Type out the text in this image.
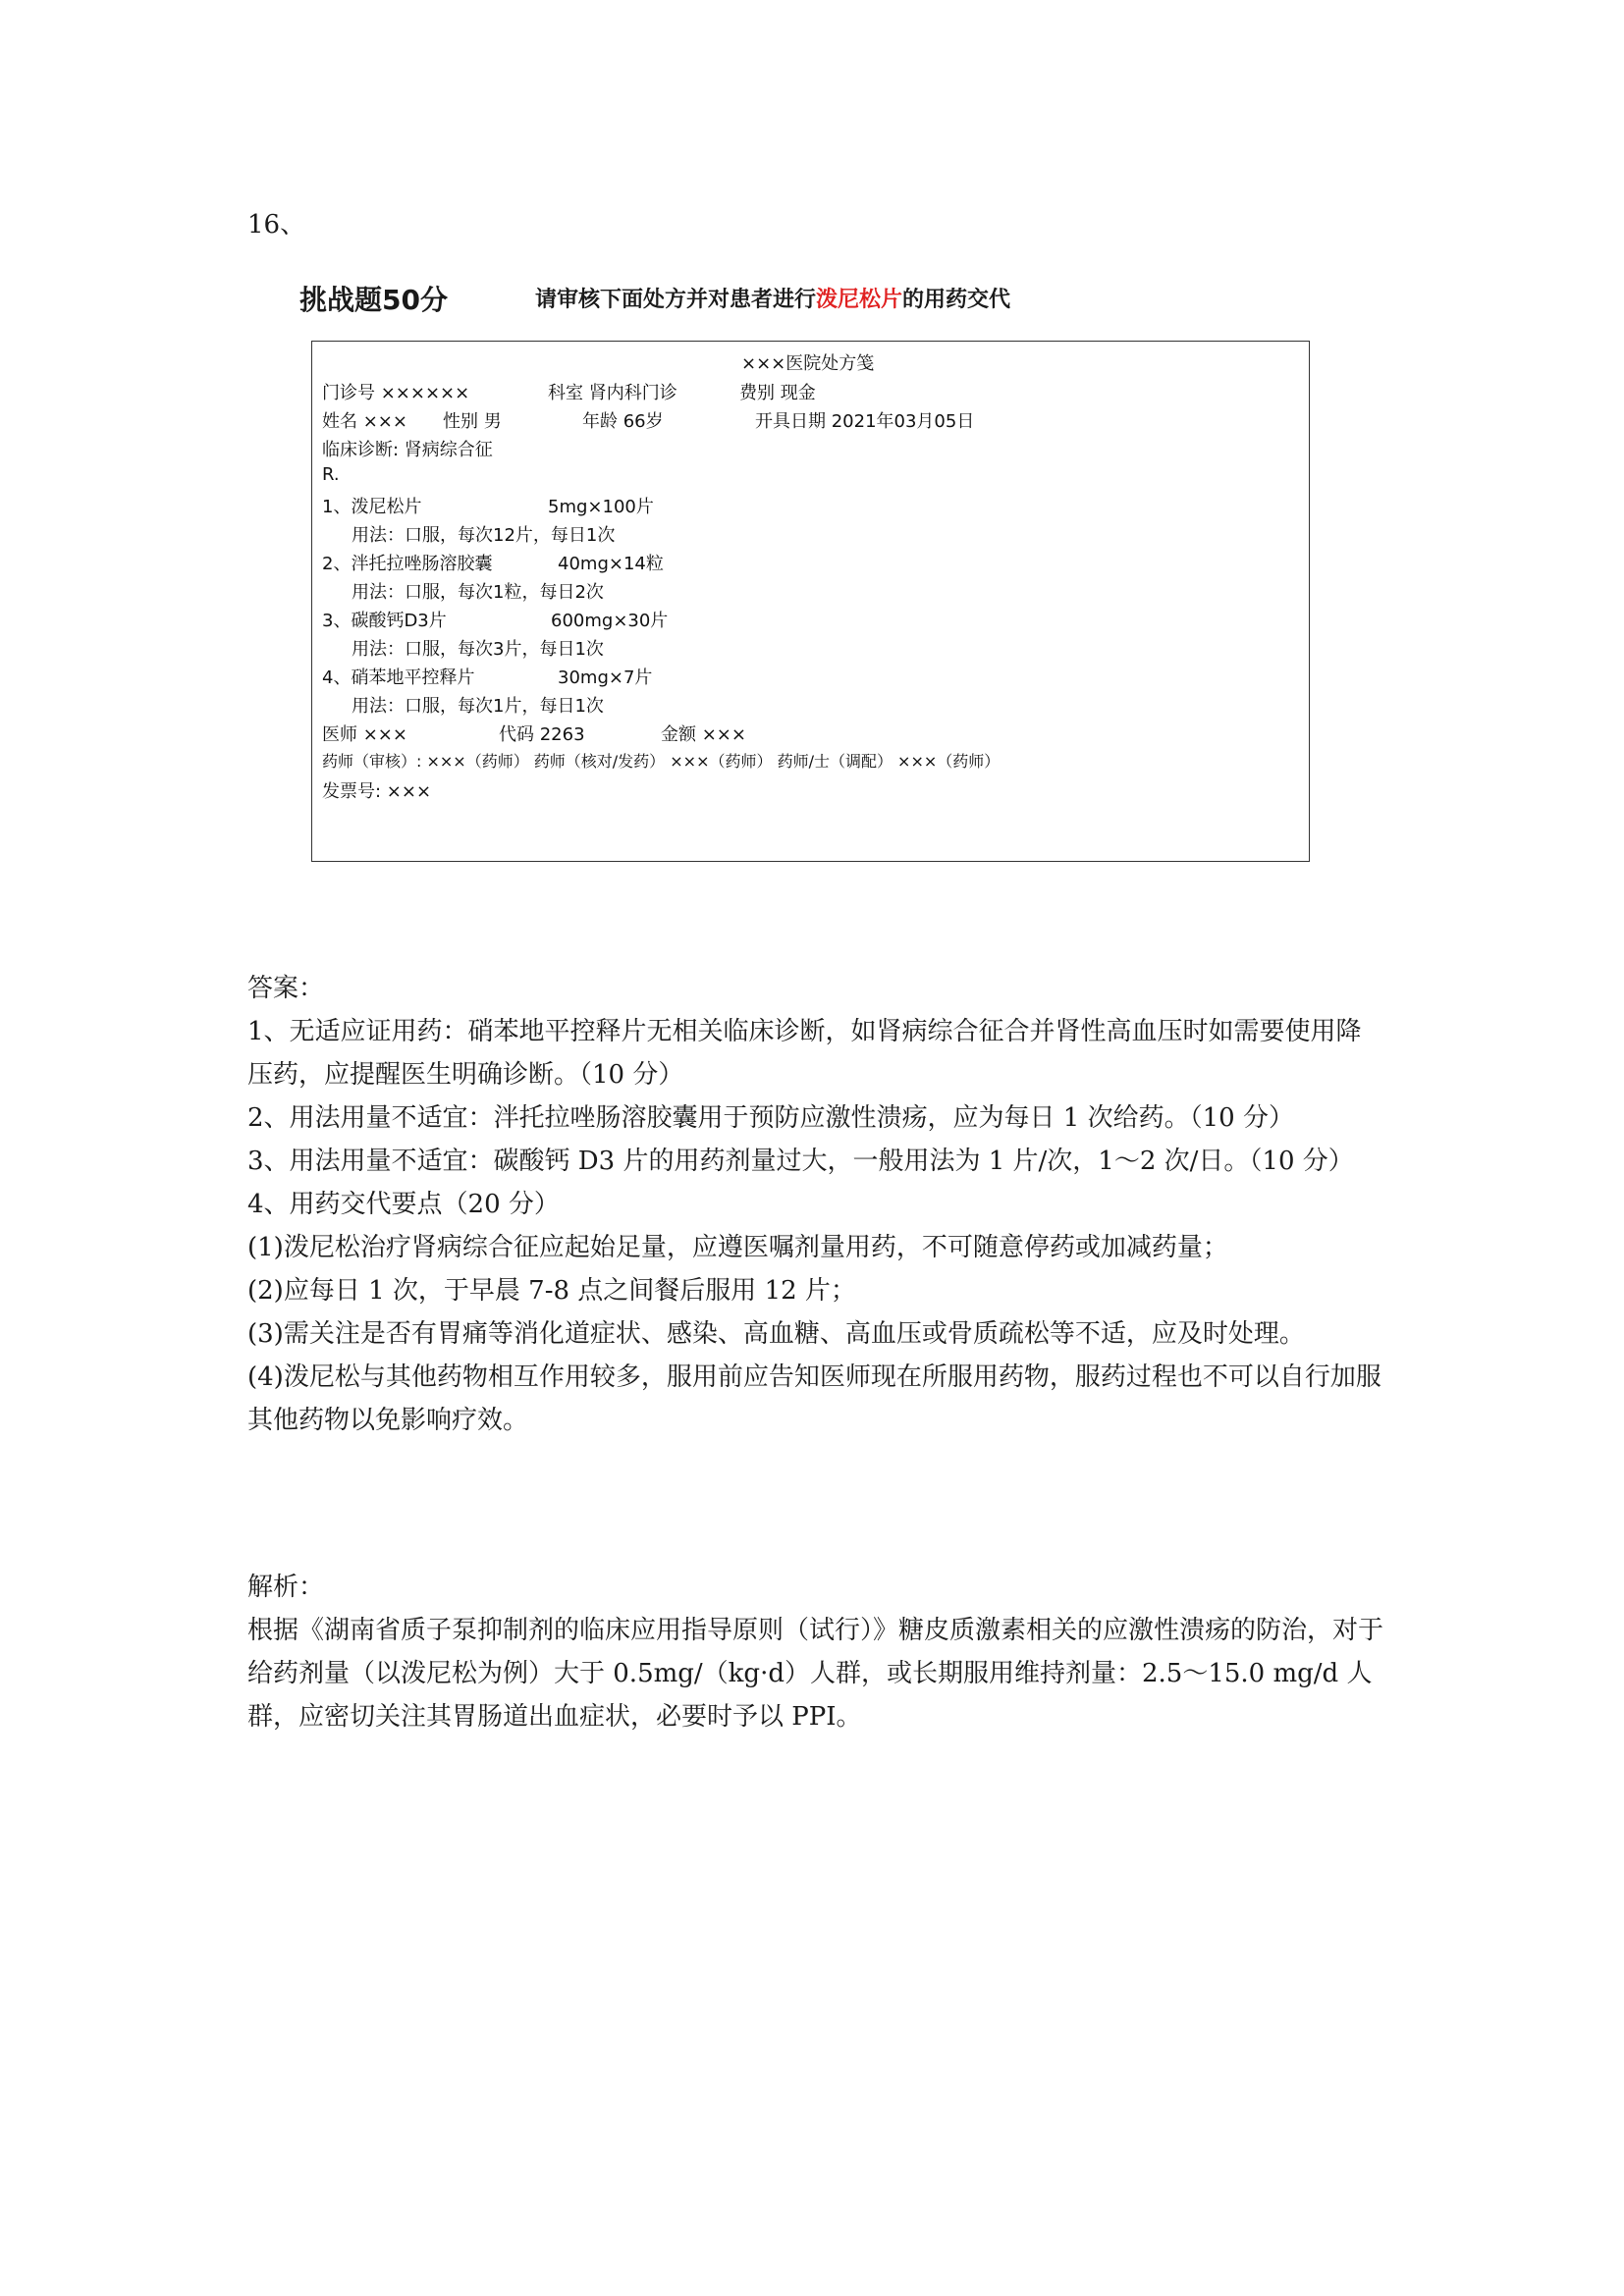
16、
挑战题50分	请审核下面处方并对患者进行泼尼松片的用药交代
×××医院处方笺
门诊号 ××××××	科室 肾内科门诊	费别 现金
姓名 ××× 性别 男	年龄 66岁	开具日期 2021年03月05日
临床诊断: 肾病综合征
R.
1、泼尼松片	5mg×100片
用法：口服，每次12片，每日1次
2、泮托拉唑肠溶胶囊	40mg×14粒
用法：口服，每次1粒，每日2次
3、碳酸钙D3片	600mg×30片
用法：口服，每次3片，每日1次
4、硝苯地平控释片	30mg×7片
用法：口服，每次1片，每日1次
医师 ×××	代码 2263	金额 ×××
药师（审核）: ×××（药师） 药师（核对/发药） ×××（药师） 药师/士（调配） ×××（药师）
发票号: ×××

答案：

1、无适应证用药：硝苯地平控释片无相关临床诊断，如肾病综合征合并肾性高血压时如需要使用降压药，应提醒医生明确诊断。（10 分）

2、用法用量不适宜：泮托拉唑肠溶胶囊用于预防应激性溃疡，应为每日 1 次给药。（10 分）

3、用法用量不适宜：碳酸钙 D3 片的用药剂量过大，一般用法为 1 片/次，1～2 次/日。（10 分）

4、用药交代要点（20 分）

(1)泼尼松治疗肾病综合征应起始足量，应遵医嘱剂量用药，不可随意停药或加减药量；

(2)应每日 1 次，于早晨 7-8 点之间餐后服用 12 片；

(3)需关注是否有胃痛等消化道症状、感染、高血糖、高血压或骨质疏松等不适，应及时处理。

(4)泼尼松与其他药物相互作用较多，服用前应告知医师现在所服用药物，服药过程也不可以自行加服其他药物以免影响疗效。

解析：

根据《湖南省质子泵抑制剂的临床应用指导原则（试行）》糖皮质激素相关的应激性溃疡的防治，对于给药剂量（以泼尼松为例）大于 0.5mg/（kg·d）人群，或长期服用维持剂量：2.5～15.0 mg/d 人群，应密切关注其胃肠道出血症状，必要时予以 PPI。
